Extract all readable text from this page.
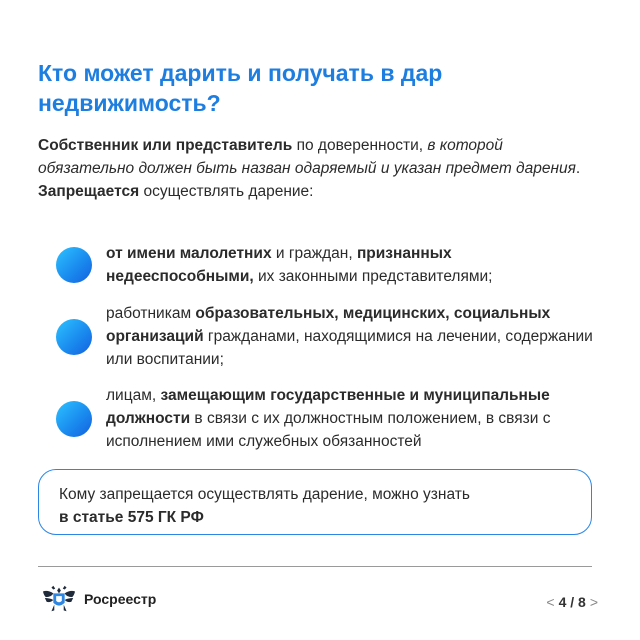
Кто может дарить и получать в дар недвижимость?
Собственник или представитель по доверенности, в которой обязательно должен быть назван одаряемый и указан предмет дарения.
Запрещается осуществлять дарение:
от имени малолетних и граждан, признанных недееспособными, их законными представителями;
работникам образовательных, медицинских, социальных организаций гражданами, находящимися на лечении, содержании или воспитании;
лицам, замещающим государственные и муниципальные должности в связи с их должностным положением, в связи с исполнением ими служебных обязанностей
Кому запрещается осуществлять дарение, можно узнать
в статье 575 ГК РФ
Росреестр	< 4 / 8 >
